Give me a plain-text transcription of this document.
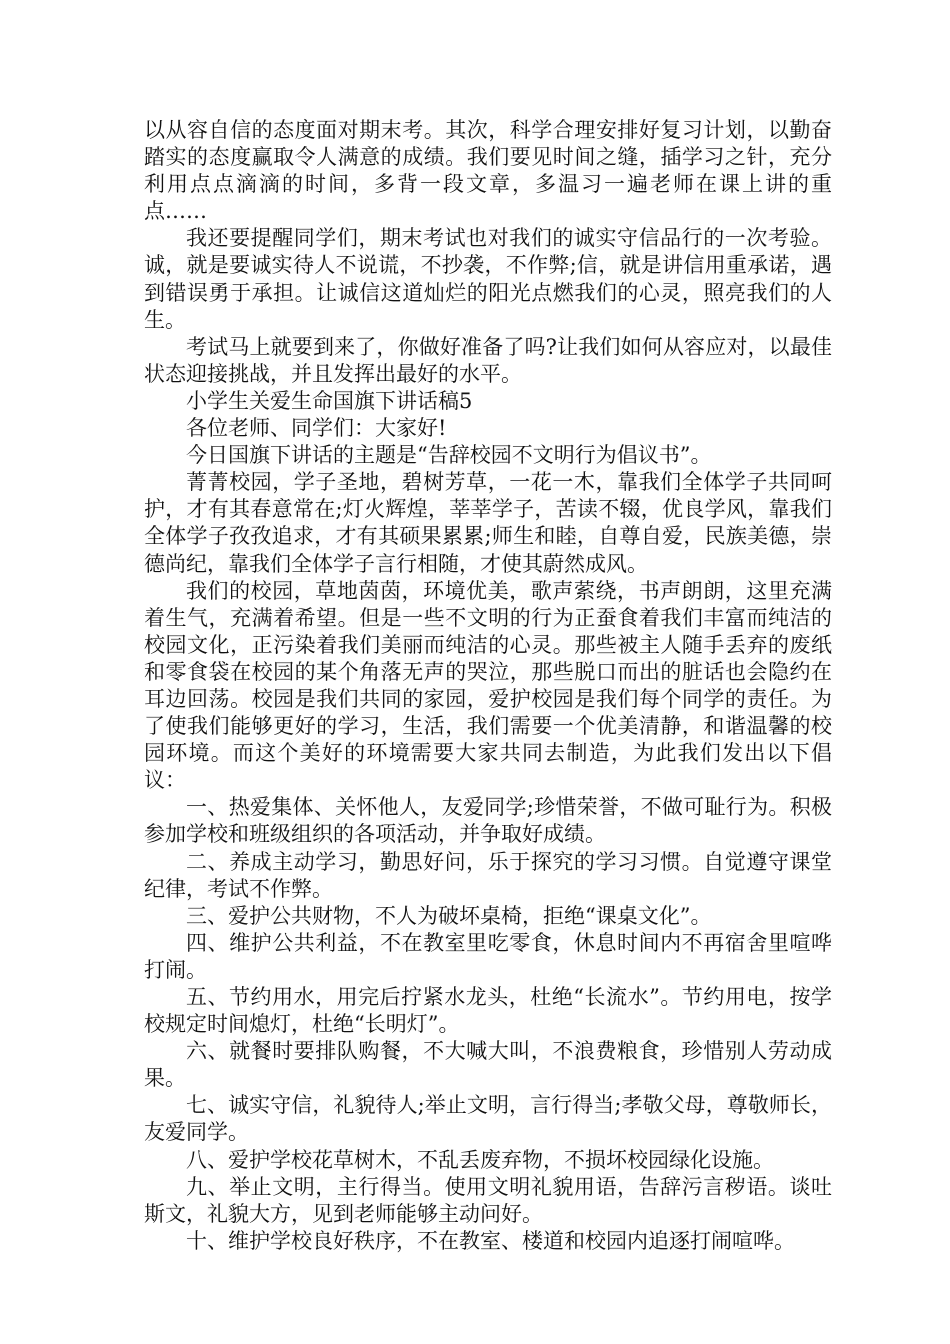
以从容自信的态度面对期末考。其次，科学合理安排好复习计划，以勤奋踏实的态度赢取令人满意的成绩。我们要见时间之缝，插学习之针，充分利用点点滴滴的时间，多背一段文章，多温习一遍老师在课上讲的重点……

我还要提醒同学们，期末考试也对我们的诚实守信品行的一次考验。诚，就是要诚实待人不说谎，不抄袭，不作弊;信，就是讲信用重承诺，遇到错误勇于承担。让诚信这道灿烂的阳光点燃我们的心灵，照亮我们的人生。

考试马上就要到来了，你做好准备了吗?让我们如何从容应对，以最佳状态迎接挑战，并且发挥出最好的水平。

小学生关爱生命国旗下讲话稿5

各位老师、同学们：大家好!

今日国旗下讲话的主题是“告辞校园不文明行为倡议书”。

菁菁校园，学子圣地，碧树芳草，一花一木，靠我们全体学子共同呵护，才有其春意常在;灯火辉煌，莘莘学子，苦读不辍，优良学风，靠我们全体学子孜孜追求，才有其硕果累累;师生和睦，自尊自爱，民族美德，崇德尚纪，靠我们全体学子言行相随，才使其蔚然成风。

我们的校园，草地茵茵，环境优美，歌声萦绕，书声朗朗，这里充满着生气，充满着希望。但是一些不文明的行为正蚕食着我们丰富而纯洁的校园文化，正污染着我们美丽而纯洁的心灵。那些被主人随手丢弃的废纸和零食袋在校园的某个角落无声的哭泣，那些脱口而出的脏话也会隐约在耳边回荡。校园是我们共同的家园，爱护校园是我们每个同学的责任。为了使我们能够更好的学习，生活，我们需要一个优美清静，和谐温馨的校园环境。而这个美好的环境需要大家共同去制造，为此我们发出以下倡议：

一、热爱集体、关怀他人，友爱同学;珍惜荣誉，不做可耻行为。积极参加学校和班级组织的各项活动，并争取好成绩。

二、养成主动学习，勤思好问，乐于探究的学习习惯。自觉遵守课堂纪律，考试不作弊。

三、爱护公共财物，不人为破坏桌椅，拒绝“课桌文化”。

四、维护公共利益，不在教室里吃零食，休息时间内不再宿舍里喧哗打闹。

五、节约用水，用完后拧紧水龙头，杜绝“长流水”。节约用电，按学校规定时间熄灯，杜绝“长明灯”。

六、就餐时要排队购餐，不大喊大叫，不浪费粮食，珍惜别人劳动成果。

七、诚实守信，礼貌待人;举止文明，言行得当;孝敬父母，尊敬师长，友爱同学。

八、爱护学校花草树木，不乱丢废弃物，不损坏校园绿化设施。

九、举止文明，主行得当。使用文明礼貌用语，告辞污言秽语。谈吐斯文，礼貌大方，见到老师能够主动问好。

十、维护学校良好秩序，不在教室、楼道和校园内追逐打闹喧哗。
